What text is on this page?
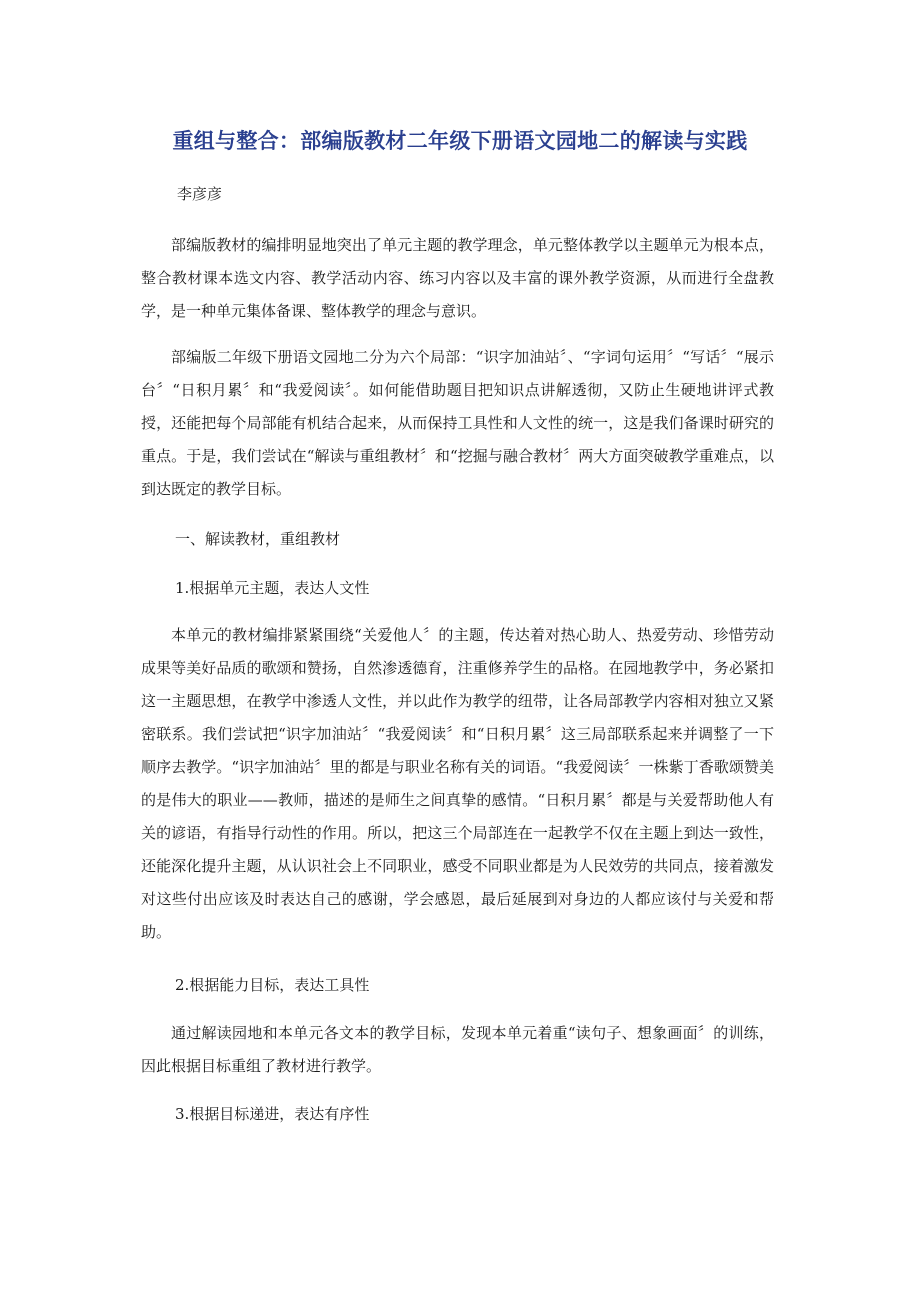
重组与整合：部编版教材二年级下册语文园地二的解读与实践
李彦彦

部编版教材的编排明显地突出了单元主题的教学理念，单元整体教学以主题单元为根本点，整合教材课本选文内容、教学活动内容、练习内容以及丰富的课外教学资源，从而进行全盘教学，是一种单元集体备课、整体教学的理念与意识。

部编版二年级下册语文园地二分为六个局部：“识字加油站〞、“字词句运用〞“写话〞“展示台〞“日积月累〞和“我爱阅读〞。如何能借助题目把知识点讲解透彻，又防止生硬地讲评式教授，还能把每个局部能有机结合起来，从而保持工具性和人文性的统一，这是我们备课时研究的重点。于是，我们尝试在“解读与重组教材〞和“挖掘与融合教材〞两大方面突破教学重难点，以到达既定的教学目标。

一、解读教材，重组教材
1.根据单元主题，表达人文性

本单元的教材编排紧紧围绕“关爱他人〞的主题，传达着对热心助人、热爱劳动、珍惜劳动成果等美好品质的歌颂和赞扬，自然渗透德育，注重修养学生的品格。在园地教学中，务必紧扣这一主题思想，在教学中渗透人文性，并以此作为教学的纽带，让各局部教学内容相对独立又紧密联系。我们尝试把“识字加油站〞“我爱阅读〞和“日积月累〞这三局部联系起来并调整了一下顺序去教学。“识字加油站〞里的都是与职业名称有关的词语。“我爱阅读〞一株紫丁香歌颂赞美的是伟大的职业——教师，描述的是师生之间真挚的感情。“日积月累〞都是与关爱帮助他人有关的谚语，有指导行动性的作用。所以，把这三个局部连在一起教学不仅在主题上到达一致性，还能深化提升主题，从认识社会上不同职业，感受不同职业都是为人民效劳的共同点，接着激发对这些付出应该及时表达自己的感谢，学会感恩，最后延展到对身边的人都应该付与关爱和帮助。

2.根据能力目标，表达工具性

通过解读园地和本单元各文本的教学目标，发现本单元着重“读句子、想象画面〞的训练，因此根据目标重组了教材进行教学。

3.根据目标递进，表达有序性
